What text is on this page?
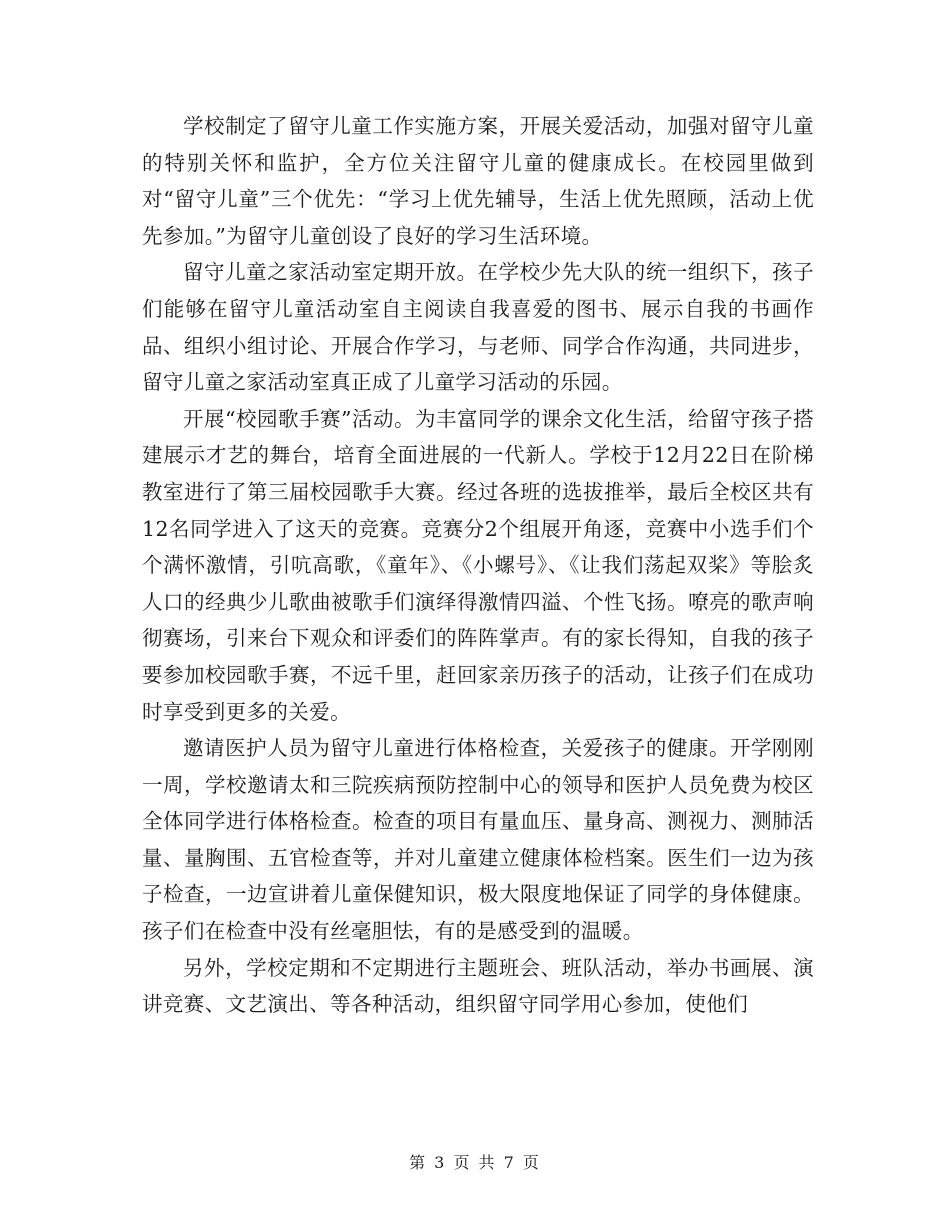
学校制定了留守儿童工作实施方案，开展关爱活动，加强对留守儿童的特别关怀和监护，全方位关注留守儿童的健康成长。在校园里做到对“留守儿童”三个优先：“学习上优先辅导，生活上优先照顾，活动上优先参加。”为留守儿童创设了良好的学习生活环境。

留守儿童之家活动室定期开放。在学校少先大队的统一组织下，孩子们能够在留守儿童活动室自主阅读自我喜爱的图书、展示自我的书画作品、组织小组讨论、开展合作学习，与老师、同学合作沟通，共同进步，留守儿童之家活动室真正成了儿童学习活动的乐园。

开展“校园歌手赛”活动。为丰富同学的课余文化生活，给留守孩子搭建展示才艺的舞台，培育全面进展的一代新人。学校于12月22日在阶梯教室进行了第三届校园歌手大赛。经过各班的选拔推举，最后全校区共有12名同学进入了这天的竞赛。竞赛分2个组展开角逐，竞赛中小选手们个个满怀激情，引吭高歌，《童年》、《小螺号》、《让我们荡起双桨》等脍炙人口的经典少儿歌曲被歌手们演绎得激情四溢、个性飞扬。嘹亮的歌声响彻赛场，引来台下观众和评委们的阵阵掌声。有的家长得知，自我的孩子要参加校园歌手赛，不远千里，赶回家亲历孩子的活动，让孩子们在成功时享受到更多的关爱。

邀请医护人员为留守儿童进行体格检查，关爱孩子的健康。开学刚刚一周，学校邀请太和三院疾病预防控制中心的领导和医护人员免费为校区全体同学进行体格检查。检查的项目有量血压、量身高、测视力、测肺活量、量胸围、五官检查等，并对儿童建立健康体检档案。医生们一边为孩子检查，一边宣讲着儿童保健知识，极大限度地保证了同学的身体健康。孩子们在检查中没有丝毫胆怯，有的是感受到的温暖。

另外，学校定期和不定期进行主题班会、班队活动，举办书画展、演讲竞赛、文艺演出、等各种活动，组织留守同学用心参加，使他们

第 3 页 共 7 页
